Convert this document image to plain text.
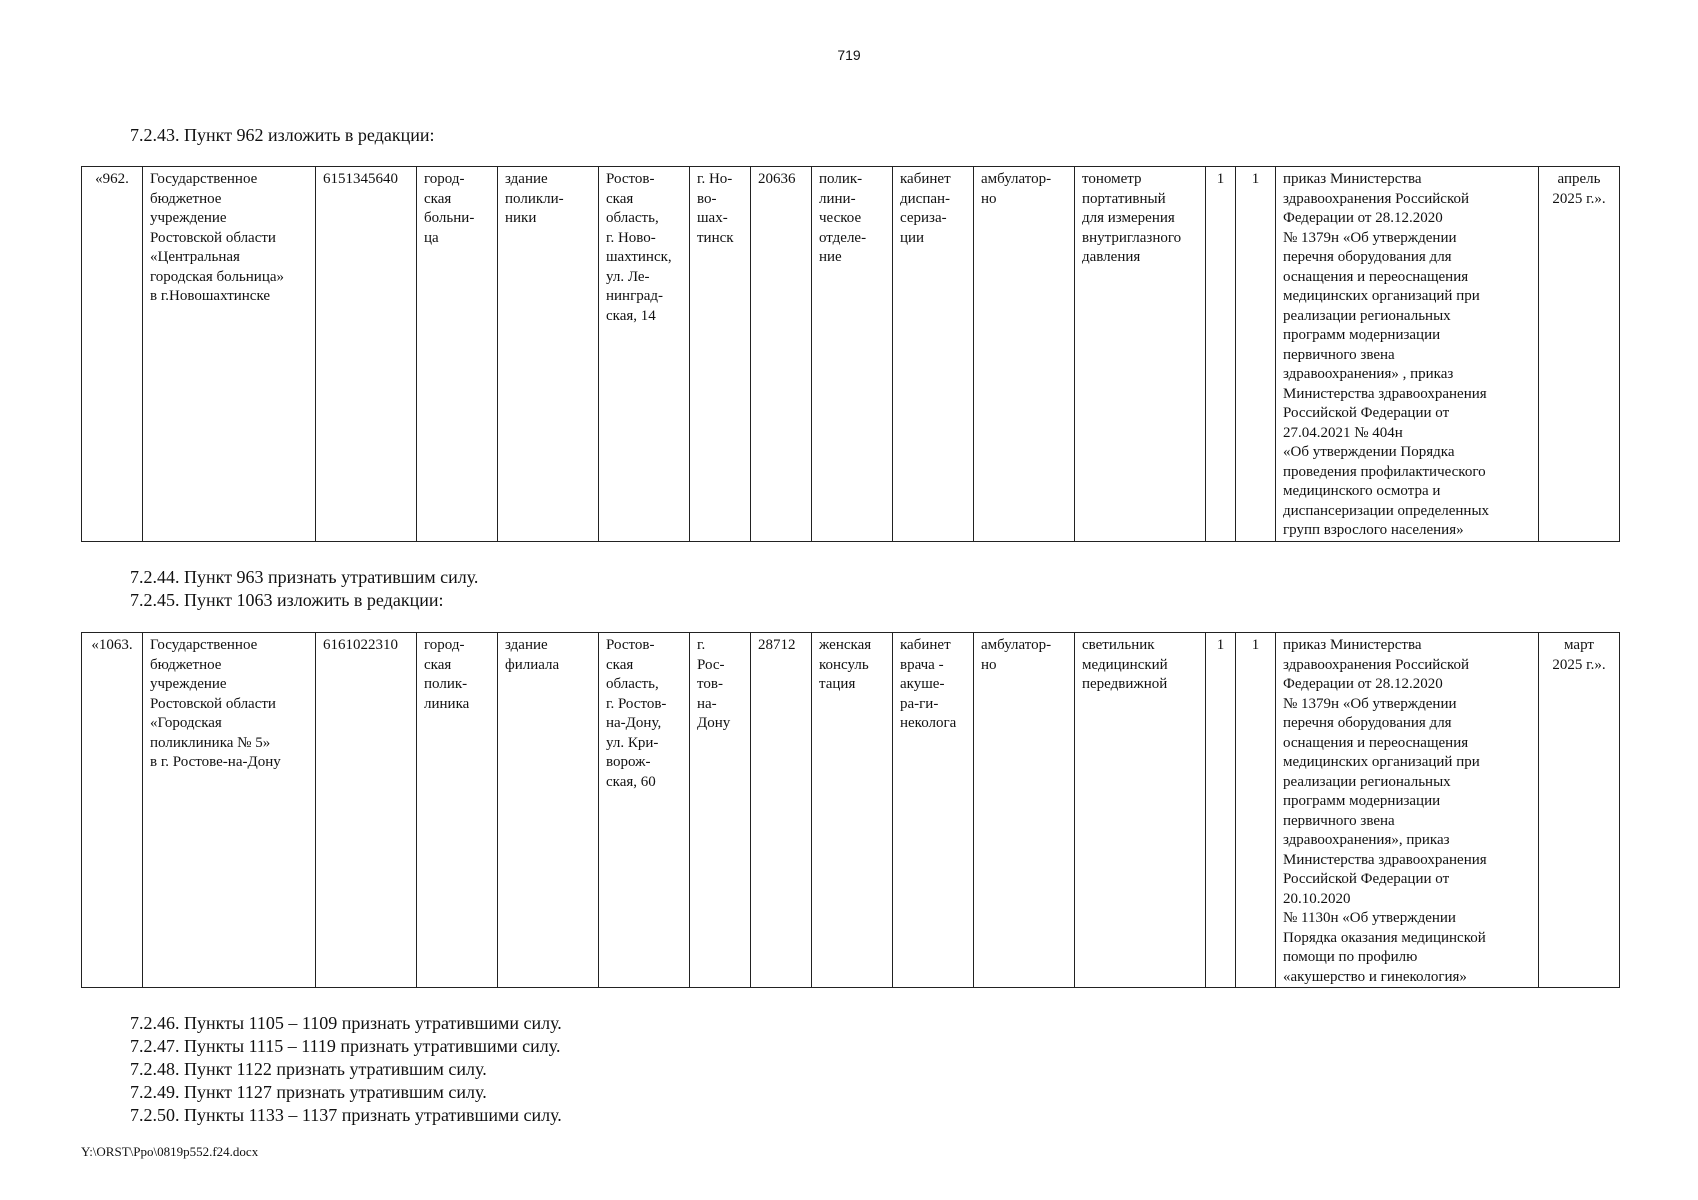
719
7.2.43. Пункт 962 изложить в редакции:
«962.	Государственное
бюджетное
учреждение
Ростовской области
«Центральная
городская больница»
в г.Новошахтинске	6151345640	город-
ская
больни-
ца	здание
поликли-
ники	Ростов-
ская
область,
г. Ново-
шахтинск,
ул. Ле-
нинград-
ская, 14	г. Но-
во-
шах-
тинск	20636	полик-
лини-
ческое
отделе-
ние	кабинет
диспан-
сериза-
ции	амбулатор-
но	тонометр
портативный
для измерения
внутриглазного
давления	1	1	приказ Министерства
здравоохранения Российской
Федерации от 28.12.2020
№ 1379н «Об утверждении
перечня оборудования для
оснащения и переоснащения
медицинских организаций при
реализации региональных
программ модернизации
первичного звена
здравоохранения» , приказ
Министерства здравоохранения
Российской Федерации от
27.04.2021 № 404н
«Об утверждении Порядка
проведения профилактического
медицинского осмотра и
диспансеризации определенных
групп взрослого населения»	апрель
2025 г.».
7.2.44. Пункт 963 признать утратившим силу.
7.2.45. Пункт 1063 изложить в редакции:
«1063.	Государственное
бюджетное
учреждение
Ростовской области
«Городская
поликлиника № 5»
в г. Ростове-на-Дону	6161022310	город-
ская
полик-
линика	здание
филиала	Ростов-
ская
область,
г. Ростов-
на-Дону,
ул. Кри-
ворож-
ская, 60	г.
Рос-
тов-
на-
Дону	28712	женская
консуль
тация	кабинет
врача -
акуше-
ра-ги-
неколога	амбулатор-
но	светильник
медицинский
передвижной	1	1	приказ Министерства
здравоохранения Российской
Федерации от 28.12.2020
№ 1379н «Об утверждении
перечня оборудования для
оснащения и переоснащения
медицинских организаций при
реализации региональных
программ модернизации
первичного звена
здравоохранения», приказ
Министерства здравоохранения
Российской Федерации от
20.10.2020
№ 1130н «Об утверждении
Порядка оказания медицинской
помощи по профилю
«акушерство и гинекология»	март
2025 г.».
7.2.46. Пункты 1105 – 1109 признать утратившими силу.
7.2.47. Пункты 1115 – 1119 признать утратившими силу.
7.2.48. Пункт 1122 признать утратившим силу.
7.2.49. Пункт 1127 признать утратившим силу.
7.2.50. Пункты 1133 – 1137 признать утратившими силу.
Y:\ORST\Ppo\0819p552.f24.docx
